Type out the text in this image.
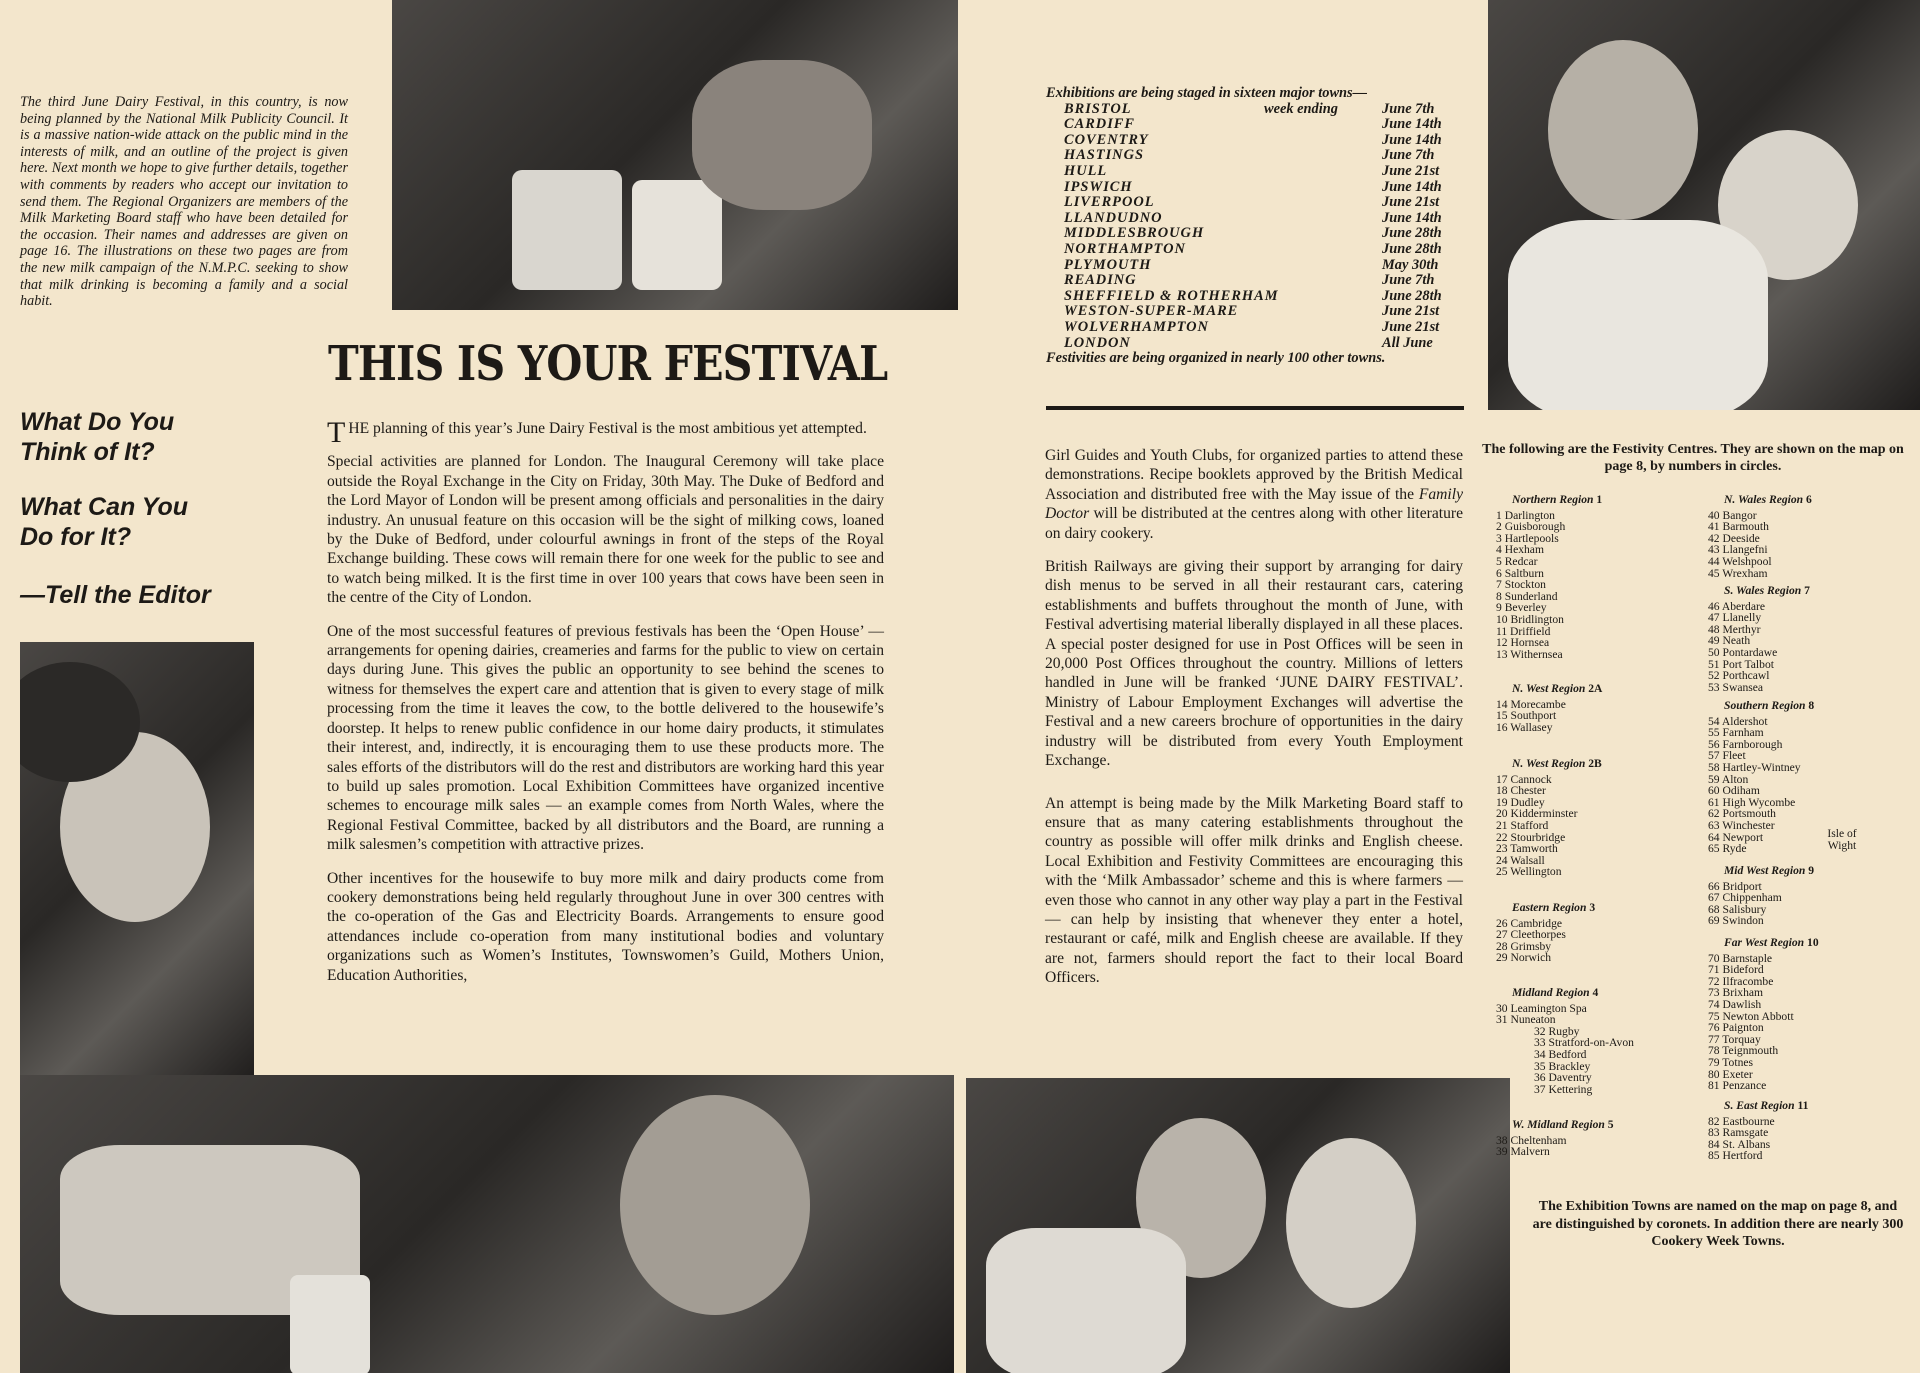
The third June Dairy Festival, in this country, is now being planned by the National Milk Publicity Council. It is a massive nation-wide attack on the public mind in the interests of milk, and an outline of the project is given here. Next month we hope to give further details, together with comments by readers who accept our invitation to send them. The Regional Organizers are members of the Milk Marketing Board staff who have been detailed for the occasion. Their names and addresses are given on page 16. The illustrations on these two pages are from the new milk campaign of the N.M.P.C. seeking to show that milk drinking is becoming a family and a social habit.
What Do You
Think of It?
What Can You
Do for It?
—Tell the Editor
THIS IS YOUR FESTIVAL

THE planning of this year’s June Dairy Festival is the most ambitious yet attempted.

Special activities are planned for London. The Inaugural Ceremony will take place outside the Royal Exchange in the City on Friday, 30th May. The Duke of Bedford and the Lord Mayor of London will be present among officials and personalities in the dairy industry. An unusual feature on this occasion will be the sight of milking cows, loaned by the Duke of Bedford, under colourful awnings in front of the steps of the Royal Exchange building. These cows will remain there for one week for the public to see and to watch being milked. It is the first time in over 100 years that cows have been seen in the centre of the City of London.

One of the most successful features of previous festivals has been the ‘Open House’ — arrangements for opening dairies, creameries and farms for the public to view on certain days during June. This gives the public an opportunity to see behind the scenes to witness for themselves the expert care and attention that is given to every stage of milk processing from the time it leaves the cow, to the bottle delivered to the housewife’s doorstep. It helps to renew public confidence in our home dairy products, it stimulates their interest, and, indirectly, it is encouraging them to use these products more. The sales efforts of the distributors will do the rest and distributors are working hard this year to build up sales promotion. Local Exhibition Committees have organized incentive schemes to encourage milk sales — an example comes from North Wales, where the Regional Festival Committee, backed by all distributors and the Board, are running a milk salesmen’s competition with attractive prizes.

Other incentives for the housewife to buy more milk and dairy products come from cookery demonstrations being held regularly throughout June in over 300 centres with the co-operation of the Gas and Electricity Boards. Arrangements to ensure good attendances include co-operation from many institutional bodies and voluntary organizations such as Women’s Institutes, Townswomen’s Guild, Mothers Union, Education Authorities,

Exhibitions are being staged in sixteen major towns—
BRISTOL	week ending	June 7th
CARDIFF	June 14th
COVENTRY	June 14th
HASTINGS	June 7th
HULL	June 21st
IPSWICH	June 14th
LIVERPOOL	June 21st
LLANDUDNO	June 14th
MIDDLESBROUGH	June 28th
NORTHAMPTON	June 28th
PLYMOUTH	May 30th
READING	June 7th
SHEFFIELD & ROTHERHAM	June 28th
WESTON-SUPER-MARE	June 21st
WOLVERHAMPTON	June 21st
LONDON	All June
Festivities are being organized in nearly 100 other towns.

Girl Guides and Youth Clubs, for organized parties to attend these demonstrations. Recipe booklets approved by the British Medical Association and distributed free with the May issue of the Family Doctor will be distributed at the centres along with other literature on dairy cookery.

British Railways are giving their support by arranging for dairy dish menus to be served in all their restaurant cars, catering establishments and buffets throughout the month of June, with Festival advertising material liberally displayed in all these places. A special poster designed for use in Post Offices will be seen in 20,000 Post Offices throughout the country. Millions of letters handled in June will be franked ‘JUNE DAIRY FESTIVAL’. Ministry of Labour Employment Exchanges will advertise the Festival and a new careers brochure of opportunities in the dairy industry will be distributed from every Youth Employment Exchange.

An attempt is being made by the Milk Marketing Board staff to ensure that as many catering establishments throughout the country as possible will offer milk drinks and English cheese. Local Exhibition and Festivity Committees are encouraging this with the ‘Milk Ambassador’ scheme and this is where farmers — even those who cannot in any other way play a part in the Festival — can help by insisting that whenever they enter a hotel, restaurant or café, milk and English cheese are available. If they are not, farmers should report the fact to their local Board Officers.

The following are the Festivity Centres. They are shown on the map on page 8, by numbers in circles.
Northern Region 1
1 Darlington
2 Guisborough
3 Hartlepools
4 Hexham
5 Redcar
6 Saltburn
7 Stockton
8 Sunderland
9 Beverley
10 Bridlington
11 Driffield
12 Hornsea
13 Withernsea
N. West Region 2A
14 Morecambe
15 Southport
16 Wallasey
N. West Region 2B
17 Cannock
18 Chester
19 Dudley
20 Kidderminster
21 Stafford
22 Stourbridge
23 Tamworth
24 Walsall
25 Wellington
Eastern Region 3
26 Cambridge
27 Cleethorpes
28 Grimsby
29 Norwich
Midland Region 4
30 Leamington Spa
31 Nuneaton
32 Rugby
33 Stratford-on-Avon
34 Bedford
35 Brackley
36 Daventry
37 Kettering
W. Midland Region 5
38 Cheltenham
39 Malvern
N. Wales Region 6
40 Bangor
41 Barmouth
42 Deeside
43 Llangefni
44 Welshpool
45 Wrexham
S. Wales Region 7
46 Aberdare
47 Llanelly
48 Merthyr
49 Neath
50 Pontardawe
51 Port Talbot
52 Porthcawl
53 Swansea
Southern Region 8
54 Aldershot
55 Farnham
56 Farnborough
57 Fleet
58 Hartley-Wintney
59 Alton
60 Odiham
61 High Wycombe
62 Portsmouth
63 Winchester
64 Newport
65 Ryde
Mid West Region 9
66 Bridport
67 Chippenham
68 Salisbury
69 Swindon
Far West Region 10
70 Barnstaple
71 Bideford
72 Ilfracombe
73 Brixham
74 Dawlish
75 Newton Abbott
76 Paignton
77 Torquay
78 Teignmouth
79 Totnes
80 Exeter
81 Penzance
S. East Region 11
82 Eastbourne
83 Ramsgate
84 St. Albans
85 Hertford
Isle of Wight
The Exhibition Towns are named on the map on page 8, and are distinguished by coronets. In addition there are nearly 300 Cookery Week Towns.
